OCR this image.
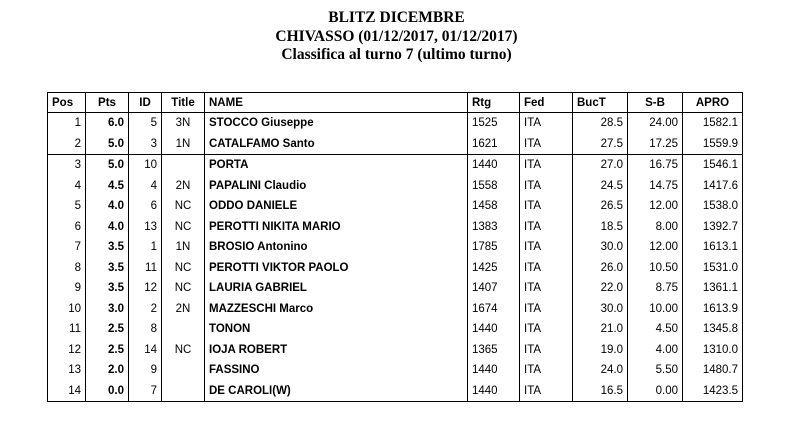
BLITZ DICEMBRE
CHIVASSO (01/12/2017, 01/12/2017)
Classifica al turno 7 (ultimo turno)
Pos	Pts	ID	Title	NAME	Rtg	Fed	BucT	S-B	APRO
1	6.0	5	3N	STOCCO Giuseppe	1525	ITA	28.5	24.00	1582.1
2	5.0	3	1N	CATALFAMO Santo	1621	ITA	27.5	17.25	1559.9
3	5.0	10		PORTA	1440	ITA	27.0	16.75	1546.1
4	4.5	4	2N	PAPALINI Claudio	1558	ITA	24.5	14.75	1417.6
5	4.0	6	NC	ODDO DANIELE	1458	ITA	26.5	12.00	1538.0
6	4.0	13	NC	PEROTTI NIKITA MARIO	1383	ITA	18.5	8.00	1392.7
7	3.5	1	1N	BROSIO Antonino	1785	ITA	30.0	12.00	1613.1
8	3.5	11	NC	PEROTTI VIKTOR PAOLO	1425	ITA	26.0	10.50	1531.0
9	3.5	12	NC	LAURIA GABRIEL	1407	ITA	22.0	8.75	1361.1
10	3.0	2	2N	MAZZESCHI Marco	1674	ITA	30.0	10.00	1613.9
11	2.5	8		TONON	1440	ITA	21.0	4.50	1345.8
12	2.5	14	NC	IOJA ROBERT	1365	ITA	19.0	4.00	1310.0
13	2.0	9		FASSINO	1440	ITA	24.0	5.50	1480.7
14	0.0	7		DE CAROLI(W)	1440	ITA	16.5	0.00	1423.5
